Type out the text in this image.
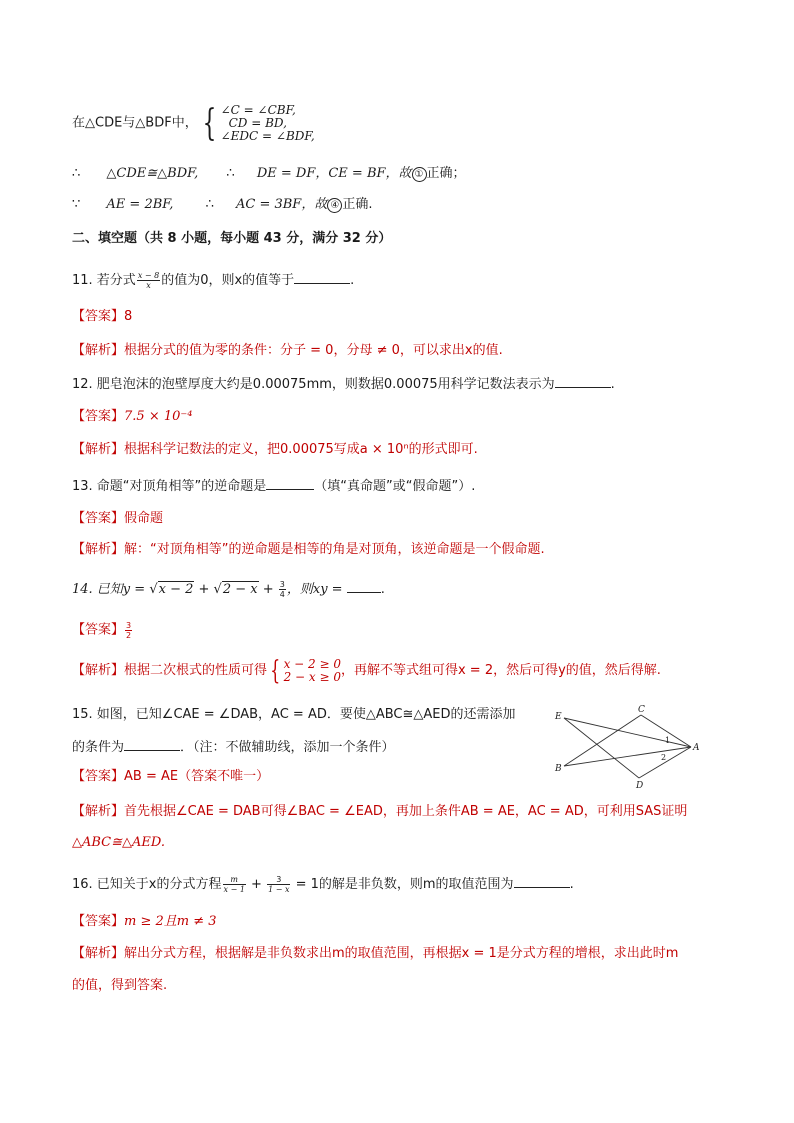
在△CDE与△BDF中， { ∠C = ∠CBF,
CD = BD,
∠EDC = ∠BDF,
∴ △CDE≅△BDF, ∴ DE = DF，CE = BF，故 ① 正确；
∵ AE = 2BF, ∴ AC = 3BF，故 ④ 正确.
二、填空题（共 8 小题，每小题 43 分，满分 32 分）
11. 若分式 $\frac{x - 8}{x}$ 的值为0，则x的值等于	.
【答案】8
【解析】根据分式的值为零的条件：分子 = 0，分母 ≠ 0，可以求出x的值.
12. 肥皂泡沫的泡壁厚度大约是0.00075mm，则数据0.00075用科学记数法表示为	.
【答案】7.5 × 10⁻⁴
【解析】根据科学记数法的定义，把0.00075写成a × 10ⁿ的形式即可.
13. 命题“对顶角相等”的逆命题是	（填“真命题”或“假命题”）.
【答案】假命题
【解析】解：“对顶角相等”的逆命题是相等的角是对顶角，该逆命题是一个假命题.
14. 已知$y = √x - 2 + √2 - x + \frac{3}{4}$ ，则xy =	.
【答案】 $\frac{3}{2}$
【解析】根据二次根式的性质可得 { x − 2 ≥ 0
2 − x ≥ 0 ，再解不等式组可得x = 2，然后可得y的值，然后得解.
15. 如图，已知∠CAE = ∠DAB，AC = AD．要使△ABC≅△AED的还需添加
的条件为	．（注：不做辅助线，添加一个条件）
【答案】AB = AE（答案不唯一）
【解析】首先根据∠CAE = DAB可得∠BAC = ∠EAD，再加上条件AB = AE，AC = AD，可利用SAS证明
△ABC≅△AED.
E
C
A
B
D
1
2
16. 已知关于x的分式方程 $\frac{m}{x - 1} + \frac{3}{1 - x} = 1$的解是非负数，则m的取值范围为	.
【答案】m ≥ 2且m ≠ 3
【解析】解出分式方程，根据解是非负数求出m的取值范围，再根据x = 1是分式方程的增根，求出此时m
的值，得到答案.
